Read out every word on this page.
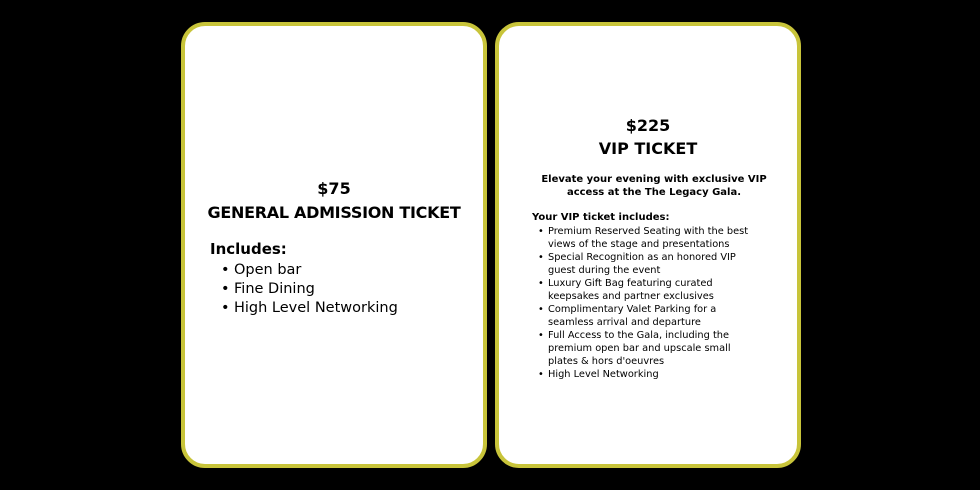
$75
GENERAL ADMISSION TICKET
Includes:
• Open bar
• Fine Dining
• High Level Networking
$225
VIP TICKET
Elevate your evening with exclusive VIP access at the The Legacy Gala.
Your VIP ticket includes:
• Premium Reserved Seating with the best views of the stage and presentations
• Special Recognition as an honored VIP guest during the event
• Luxury Gift Bag featuring curated keepsakes and partner exclusives
• Complimentary Valet Parking for a seamless arrival and departure
• Full Access to the Gala, including the premium open bar and upscale small plates & hors d'oeuvres
• High Level Networking
